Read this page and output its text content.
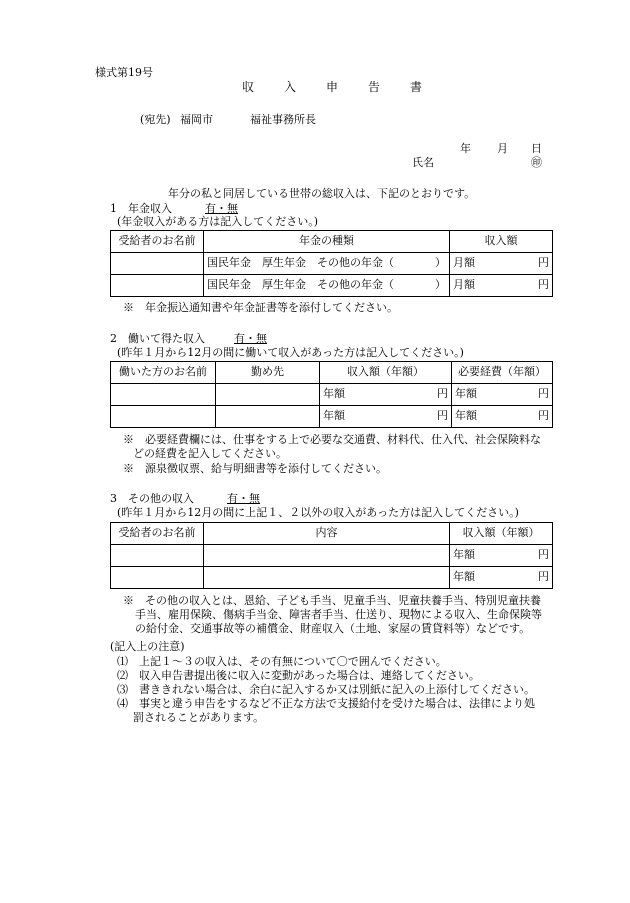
様式第19号
収 入 申 告 書
(宛先) 福岡市	福祉事務所長
年 月 日
氏名	㊞
年分の私と同居している世帯の総収入は、下記のとおりです。
1　年金収入	有・無
(年金収入がある方は記入してください。)
受給者のお名前	年金の種類	収入額

	国民年金　厚生年金　その他の年金（ ）	月額 円

	国民年金　厚生年金　その他の年金（ ）	月額 円
※　年金振込通知書や年金証書等を添付してください。
2　働いて得た収入	有・無
(昨年１月から12月の間に働いて収入があった方は記入してください。)
働いた方のお名前	勤め先	収入額（年額）	必要経費（年額）

		年額 円	年額 円

		年額 円	年額 円
※　必要経費欄には、仕事をする上で必要な交通費、材料代、仕入代、社会保険料な
どの経費を記入してください。
※　源泉徴収票、給与明細書等を添付してください。
3　その他の収入	有・無
(昨年１月から12月の間に上記１、２以外の収入があった方は記入してください。)
受給者のお名前	内容	収入額（年額）

		年額 円

		年額 円
※　その他の収入とは、恩給、子ども手当、児童手当、児童扶養手当、特別児童扶養
手当、雇用保険、傷病手当金、障害者手当、仕送り、現物による収入、生命保険等
の給付金、交通事故等の補償金、財産収入（土地、家屋の賃貸料等）などです。
(記入上の注意)
⑴　 上記１～３の収入は、その有無について〇で囲んでください。
⑵　 収入申告書提出後に収入に変動があった場合は、連絡してください。
⑶　 書ききれない場合は、余白に記入するか又は別紙に記入の上添付してください。
⑷　 事実と違う申告をするなど不正な方法で支援給付を受けた場合は、法律により処
罰されることがあります。
